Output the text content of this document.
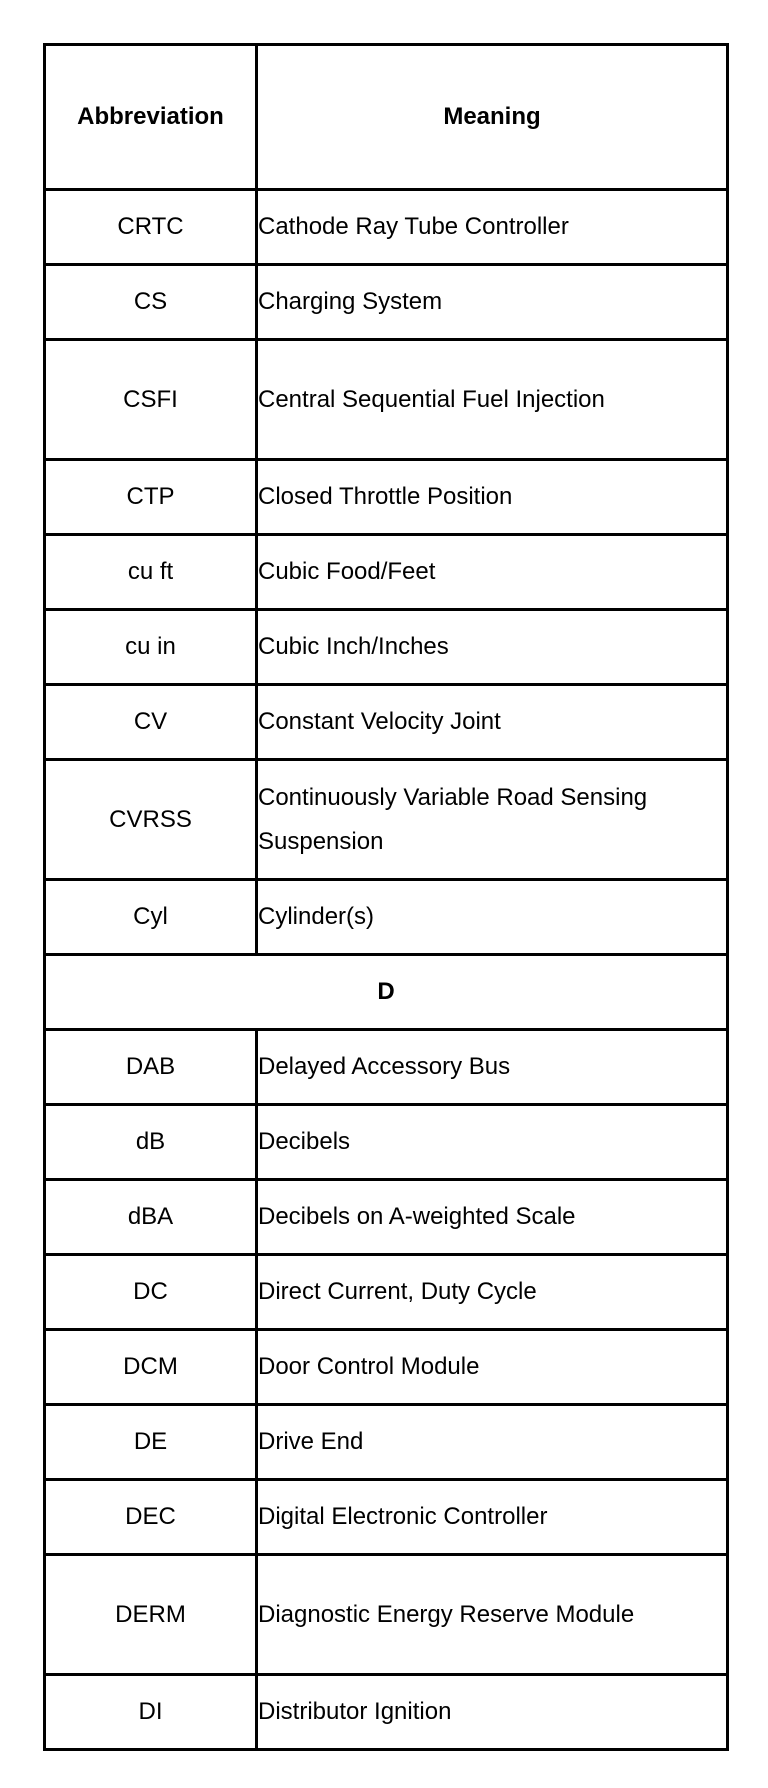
Abbreviation	Meaning
CRTC	Cathode Ray Tube Controller
CS	Charging System
CSFI	Central Sequential Fuel Injection
CTP	Closed Throttle Position
cu ft	Cubic Food/Feet
cu in	Cubic Inch/Inches
CV	Constant Velocity Joint
CVRSS	Continuously Variable Road Sensing Suspension
Cyl	Cylinder(s)
D	
DAB	Delayed Accessory Bus
dB	Decibels
dBA	Decibels on A-weighted Scale
DC	Direct Current, Duty Cycle
DCM	Door Control Module
DE	Drive End
DEC	Digital Electronic Controller
DERM	Diagnostic Energy Reserve Module
DI	Distributor Ignition
